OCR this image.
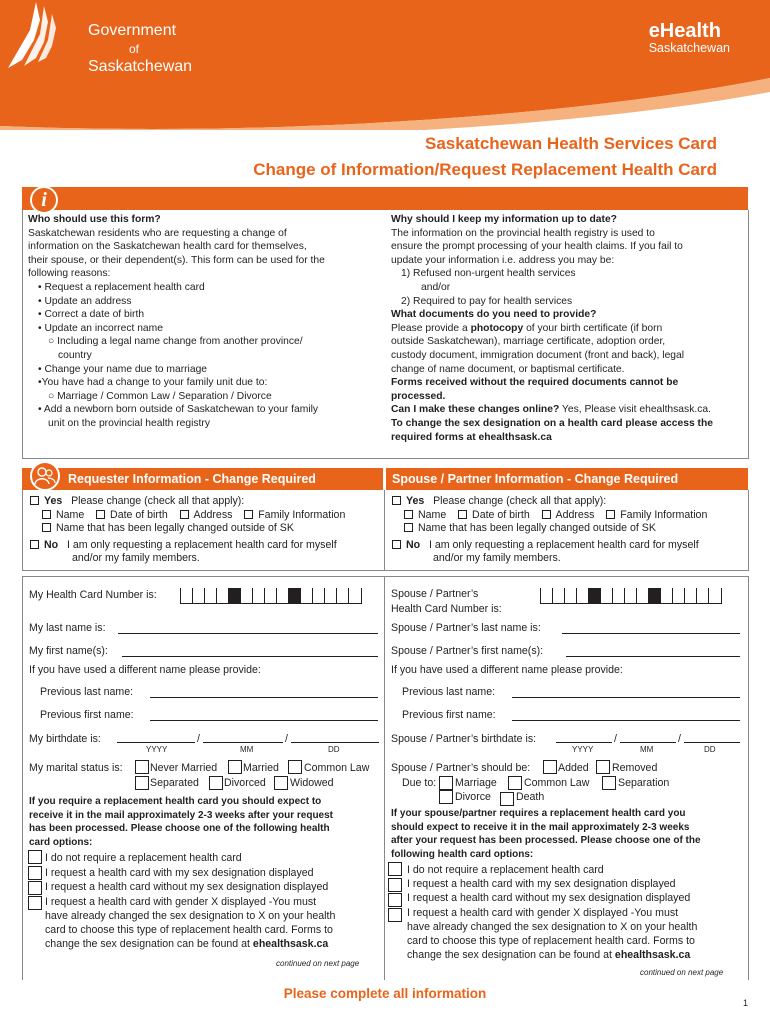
Government
of
Saskatchewan
eHealth
Saskatchewan
Saskatchewan Health Services Card
Change of Information/Request Replacement Health Card
i
Who should use this form?
Saskatchewan residents who are requesting a change of
information on the Saskatchewan health card for themselves,
their spouse, or their dependent(s). This form can be used for the
following reasons:
• Request a replacement health card
• Update an address
• Correct a date of birth
• Update an incorrect name
○ Including a legal name change from another province/
country
• Change your name due to marriage
•You have had a change to your family unit due to:
○ Marriage / Common Law / Separation / Divorce
• Add a newborn born outside of Saskatchewan to your family
unit on the provincial health registry
Why should I keep my information up to date?
The information on the provincial health registry is used to
ensure the prompt processing of your health claims. If you fail to
update your information i.e. address you may be:
1) Refused non-urgent health services
and/or
2) Required to pay for health services
What documents do you need to provide?
Please provide a photocopy of your birth certificate (if born
outside Saskatchewan), marriage certificate, adoption order,
custody document, immigration document (front and back), legal
change of name document, or baptismal certificate.
Forms received without the required documents cannot be
processed.
Can I make these changes online? Yes, Please visit ehealthsask.ca.
To change the sex designation on a health card please access the
required forms at ehealthsask.ca
Requester Information - Change Required	Spouse / Partner Information - Change Required
Yes Please change (check all that apply):
Name Date of birth Address Family Information
Name that has been legally changed outside of SK
No I am only requesting a replacement health card for myself
and/or my family members.
Yes Please change (check all that apply):
Name Date of birth Address Family Information
Name that has been legally changed outside of SK
No I am only requesting a replacement health card for myself
and/or my family members.
My Health Card Number is:
My last name is:
My first name(s):
If you have used a different name please provide:
Previous last name:
Previous first name:
My birthdate is:	/	/
YYYY	MM	DD
My marital status is:	Never Married Married Common Law
Separated Divorced Widowed
If you require a replacement health card you should expect to
receive it in the mail approximately 2-3 weeks after your request
has been processed. Please choose one of the following health
card options:
I do not require a replacement health card
I request a health card with my sex designation displayed
I request a health card without my sex designation displayed
I request a health card with gender X displayed -You must
have already changed the sex designation to X on your health
card to choose this type of replacement health card. Forms to
change the sex designation can be found at ehealthsask.ca
continued on next page
Spouse / Partner’s
Health Card Number is:
Spouse / Partner’s last name is:
Spouse / Partner’s first name(s):
If you have used a different name please provide:
Previous last name:
Previous first name:
Spouse / Partner’s birthdate is:	/	/
YYYY	MM	DD
Spouse / Partner’s should be:	Added Removed
Due to: Marriage	Common Law	Separation
Divorce Death
If your spouse/partner requires a replacement health card you
should expect to receive it in the mail approximately 2-3 weeks
after your request has been processed. Please choose one of the
following health card options:
I do not require a replacement health card
I request a health card with my sex designation displayed
I request a health card without my sex designation displayed
I request a health card with gender X displayed -You must
have already changed the sex designation to X on your health
card to choose this type of replacement health card. Forms to
change the sex designation can be found at ehealthsask.ca
continued on next page
Please complete all information
1
